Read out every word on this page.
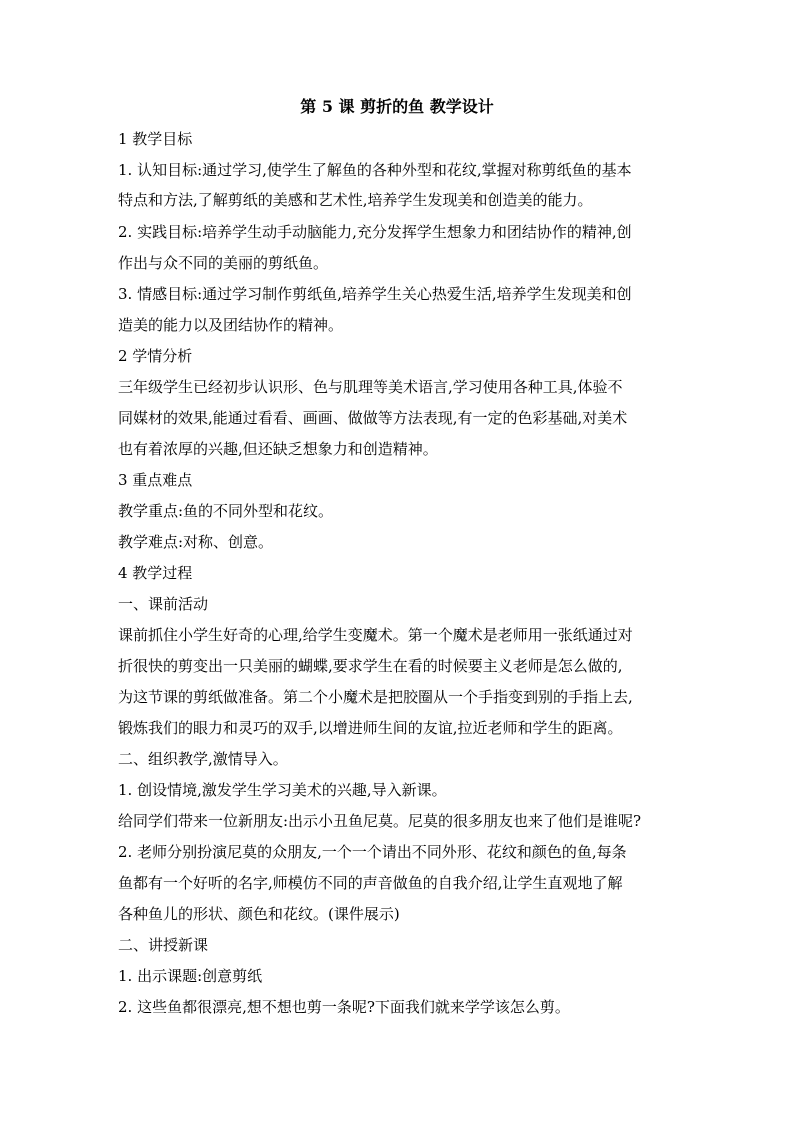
第 5 课 剪折的鱼 教学设计
1 教学目标
1. 认知目标:通过学习,使学生了解鱼的各种外型和花纹,掌握对称剪纸鱼的基本
特点和方法,了解剪纸的美感和艺术性,培养学生发现美和创造美的能力。
2. 实践目标:培养学生动手动脑能力,充分发挥学生想象力和团结协作的精神,创
作出与众不同的美丽的剪纸鱼。
3. 情感目标:通过学习制作剪纸鱼,培养学生关心热爱生活,培养学生发现美和创
造美的能力以及团结协作的精神。
2 学情分析
三年级学生已经初步认识形、色与肌理等美术语言,学习使用各种工具,体验不
同媒材的效果,能通过看看、画画、做做等方法表现,有一定的色彩基础,对美术
也有着浓厚的兴趣,但还缺乏想象力和创造精神。
3 重点难点
教学重点:鱼的不同外型和花纹。
教学难点:对称、创意。
4 教学过程
一、课前活动
课前抓住小学生好奇的心理,给学生变魔术。第一个魔术是老师用一张纸通过对
折很快的剪变出一只美丽的蝴蝶,要求学生在看的时候要主义老师是怎么做的,
为这节课的剪纸做准备。第二个小魔术是把胶圈从一个手指变到别的手指上去,
锻炼我们的眼力和灵巧的双手,以增进师生间的友谊,拉近老师和学生的距离。
二、组织教学,激情导入。
1. 创设情境,激发学生学习美术的兴趣,导入新课。
给同学们带来一位新朋友:出示小丑鱼尼莫。尼莫的很多朋友也来了他们是谁呢?
2. 老师分别扮演尼莫的众朋友,一个一个请出不同外形、花纹和颜色的鱼,每条
鱼都有一个好听的名字,师模仿不同的声音做鱼的自我介绍,让学生直观地了解
各种鱼儿的形状、颜色和花纹。(课件展示)
二、讲授新课
1. 出示课题:创意剪纸
2. 这些鱼都很漂亮,想不想也剪一条呢?下面我们就来学学该怎么剪。
